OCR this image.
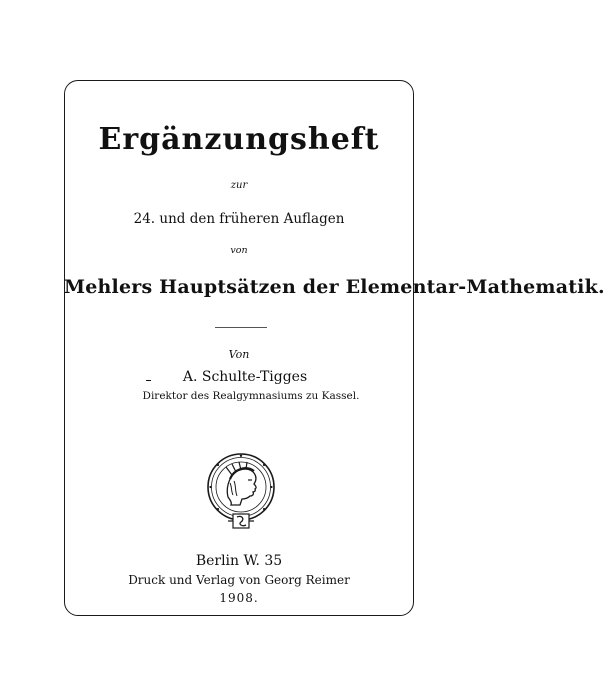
Ergänzungsheft
zur
24. und den früheren Auflagen
von
Mehlers Hauptsätzen der Elementar-Mathematik.
Von
A. Schulte-Tigges
Direktor des Realgymnasiums zu Kassel.
Berlin W. 35
Druck und Verlag von Georg Reimer
1908.
